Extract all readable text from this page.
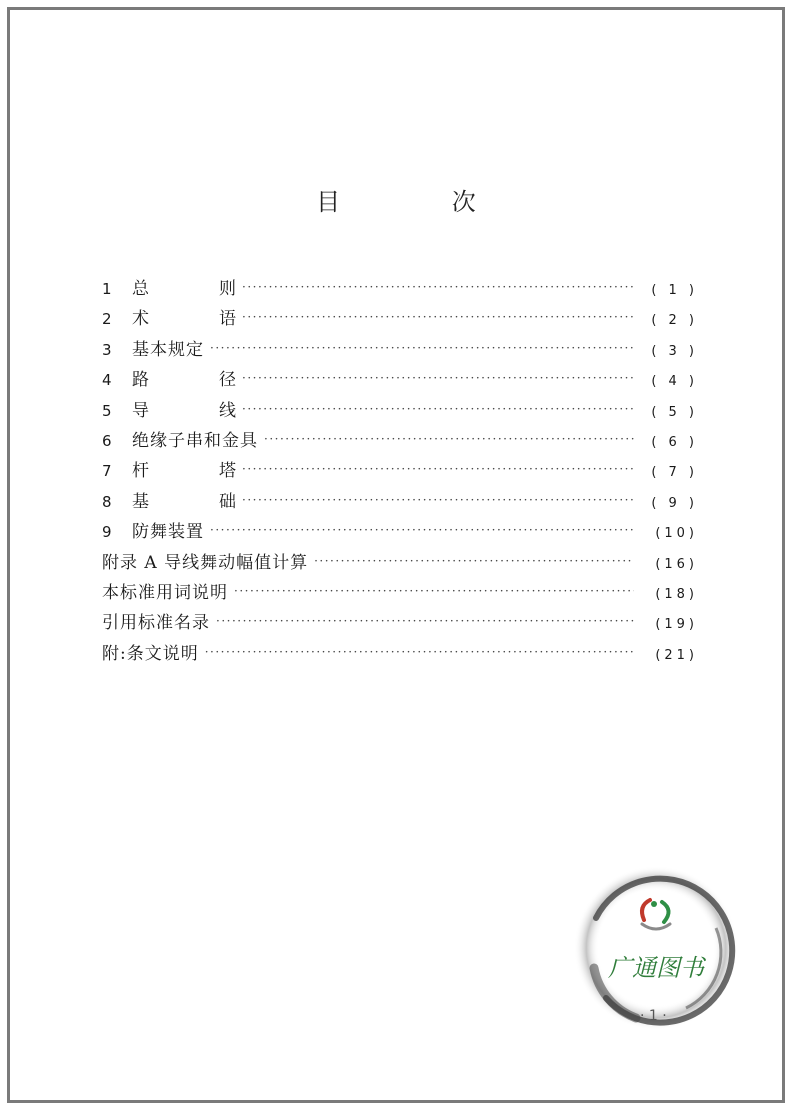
目 次
1	总 则 ·····	( 1 )
2	术 语 ·····	( 2 )
3	基本规定 ·····	( 3 )
4	路 径 ·····	( 4 )
5	导 线 ·····	( 5 )
6	绝缘子串和金具 ·····	( 6 )
7	杆 塔 ·····	( 7 )
8	基 础 ·····	( 9 )
9	防舞装置 ·····	(10)
附录 A 导线舞动幅值计算 ·····	(16)
本标准用词说明 ·····	(18)
引用标准名录 ·····	(19)
附:条文说明 ·····	(21)
广通图书
· 1 ·
